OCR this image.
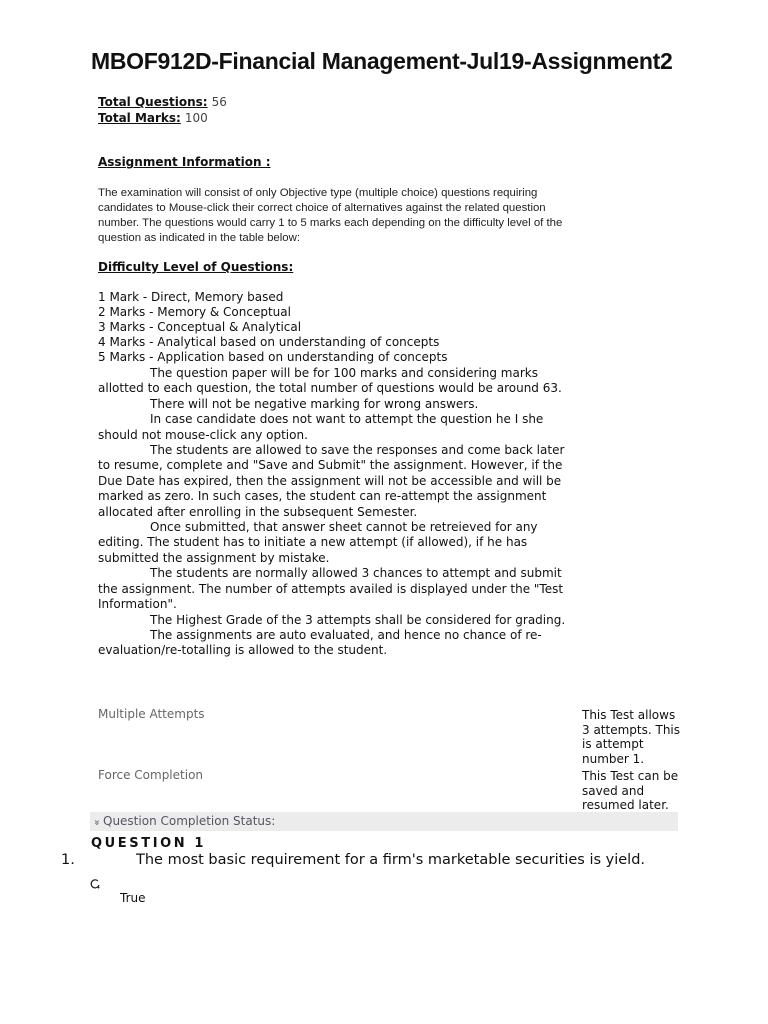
MBOF912D-Financial Management-Jul19-Assignment2
Total Questions: 56
Total Marks: 100
Assignment Information :

The examination will consist of only Objective type (multiple choice) questions requiring candidates to Mouse-click their correct choice of alternatives against the related question number. The questions would carry 1 to 5 marks each depending on the difficulty level of the question as indicated in the table below:

Difficulty Level of Questions:
1 Mark - Direct, Memory based
2 Marks - Memory & Conceptual
3 Marks - Conceptual & Analytical
4 Marks - Analytical based on understanding of concepts
5 Marks - Application based on understanding of concepts

The question paper will be for 100 marks and considering marks allotted to each question, the total number of questions would be around 63.

There will not be negative marking for wrong answers.

In case candidate does not want to attempt the question he I she should not mouse-click any option.

The students are allowed to save the responses and come back later to resume, complete and "Save and Submit" the assignment. However, if the Due Date has expired, then the assignment will not be accessible and will be marked as zero. In such cases, the student can re-attempt the assignment allocated after enrolling in the subsequent Semester.

Once submitted, that answer sheet cannot be retreieved for any editing. The student has to initiate a new attempt (if allowed), if he has submitted the assignment by mistake.

The students are normally allowed 3 chances to attempt and submit the assignment. The number of attempts availed is displayed under the "Test Information".

The Highest Grade of the 3 attempts shall be considered for grading.

The assignments are auto evaluated, and hence no chance of re-evaluation/re-totalling is allowed to the student.

Multiple Attempts	This Test allows 3 attempts. This is attempt number 1.
Force Completion	This Test can be saved and resumed later.
»Question Completion Status:
QUESTION 1
1.	The most basic requirement for a firm's marketable securities is yield.
True
